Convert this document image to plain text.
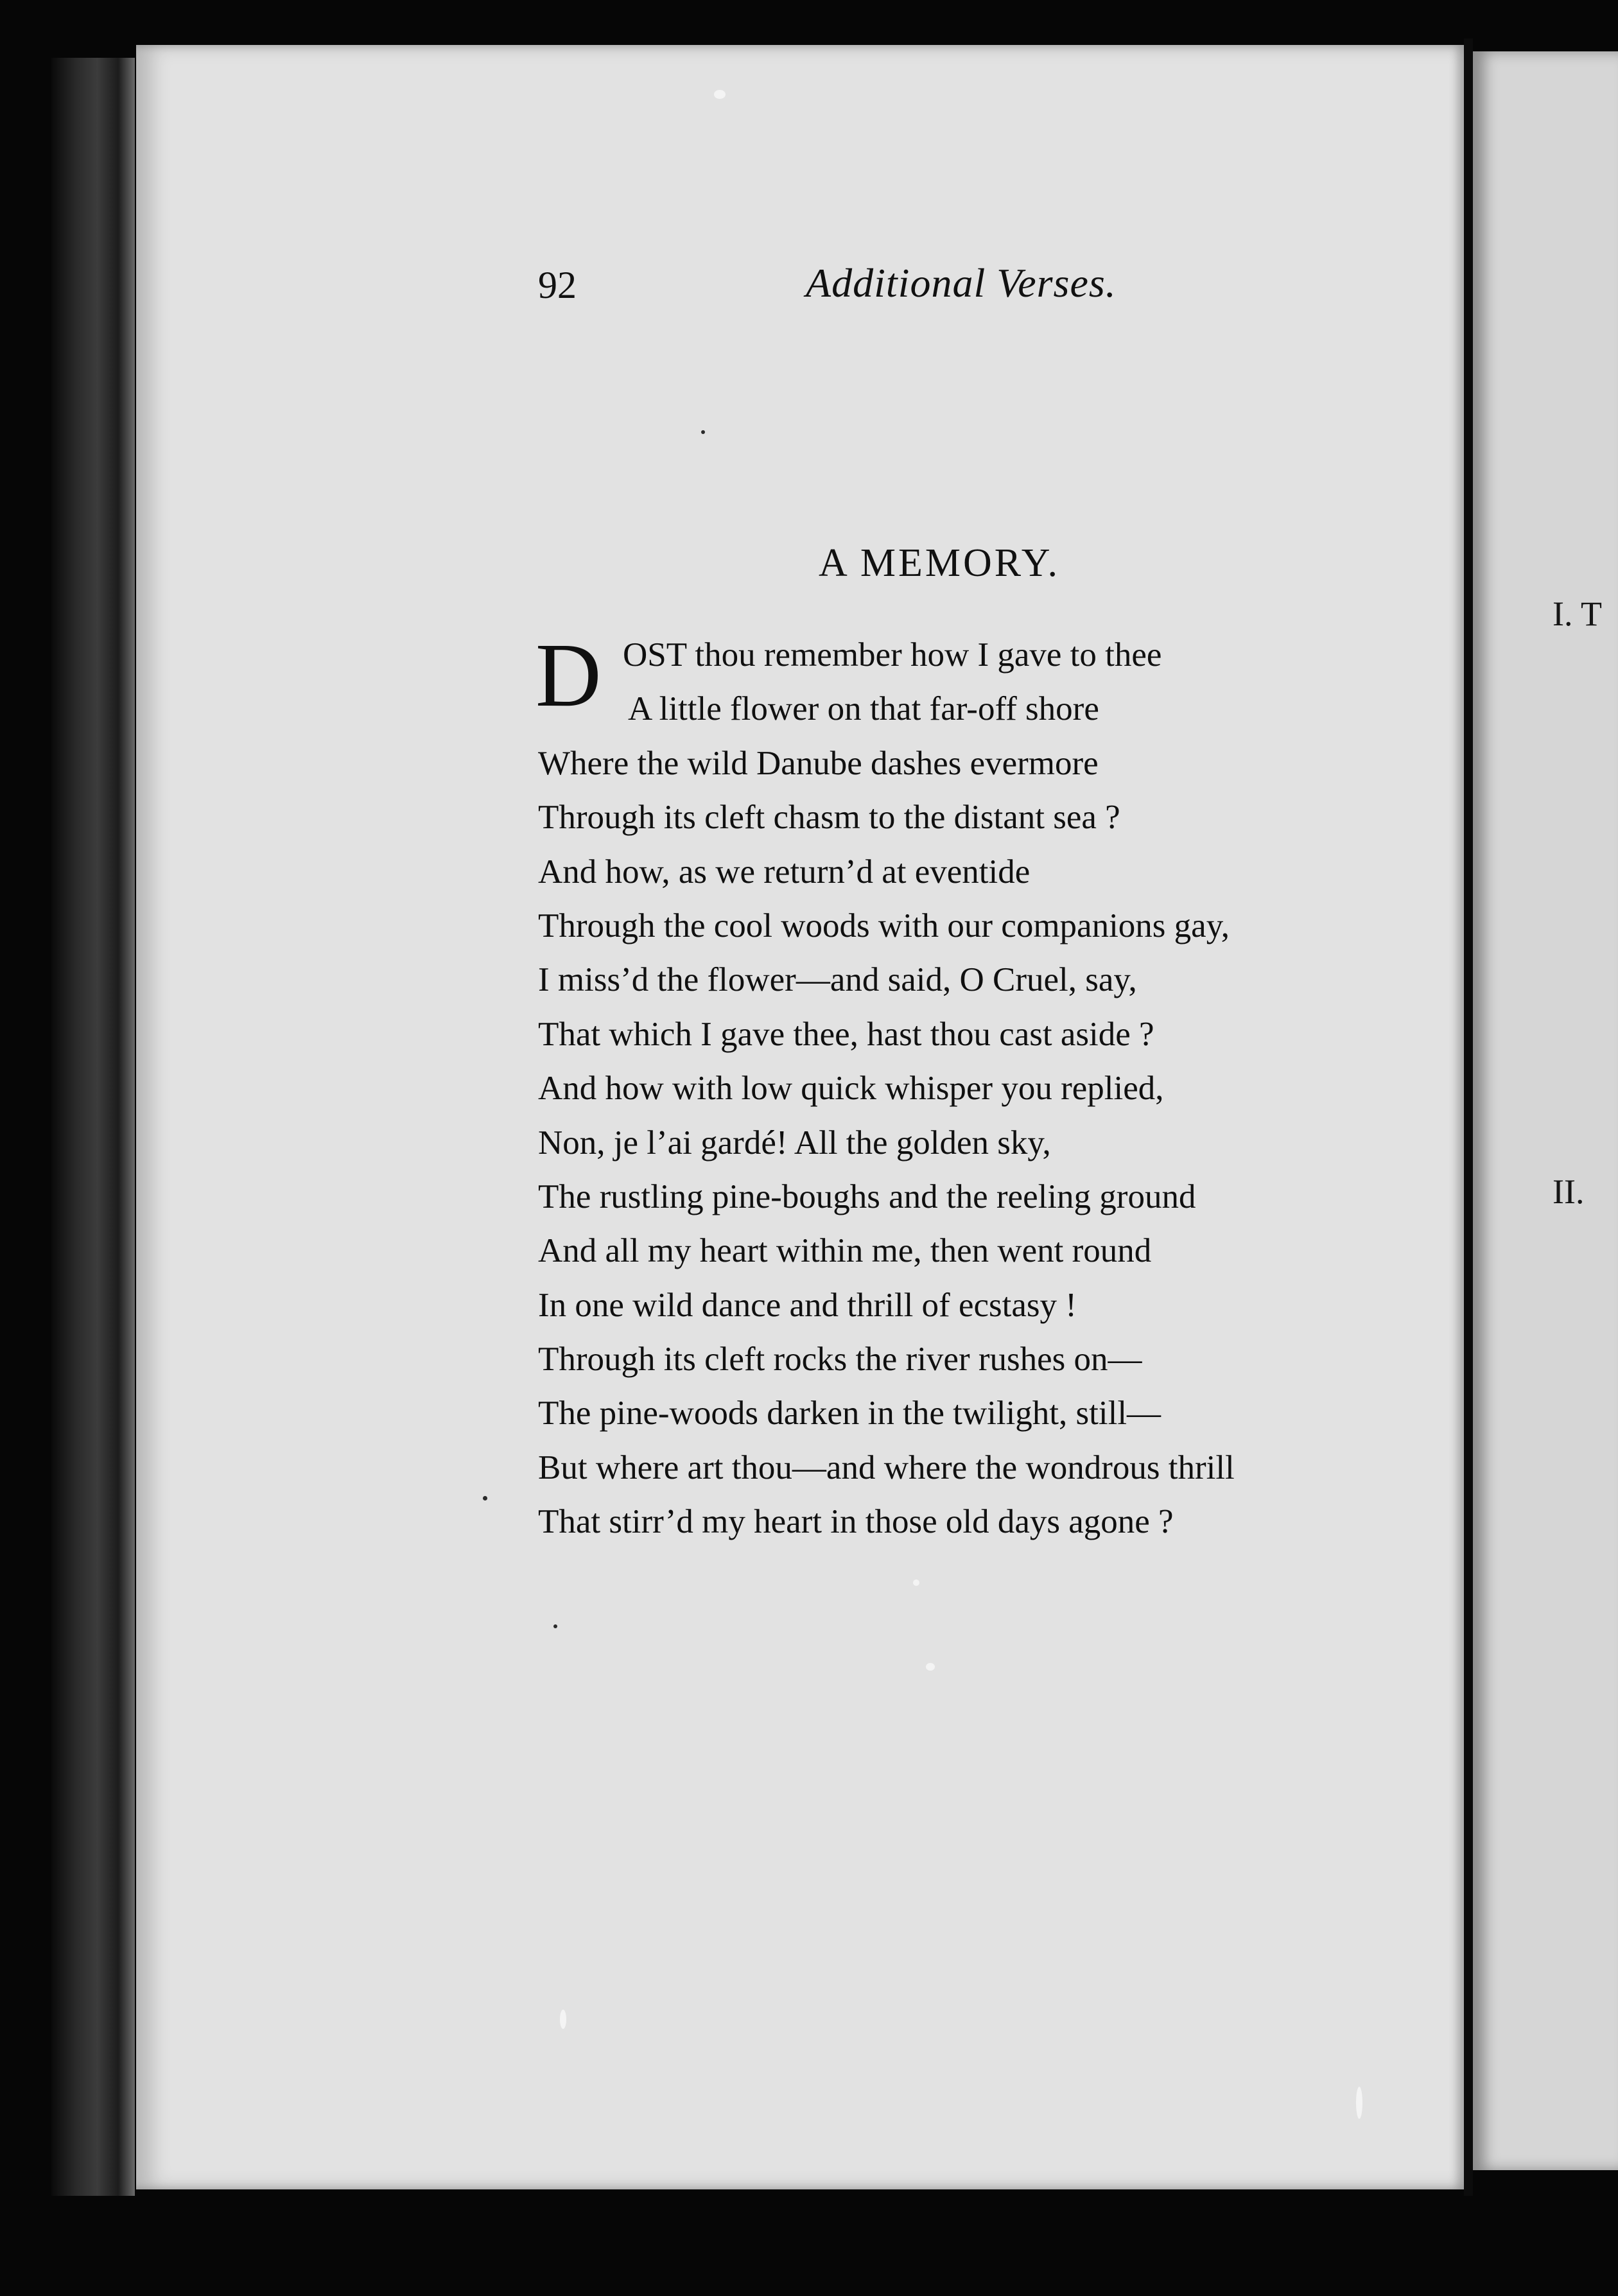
92	Additional Verses.
A MEMORY.
D OST thou remember how I gave to thee
A little flower on that far-off shore
Where the wild Danube dashes evermore
Through its cleft chasm to the distant sea ?
And how, as we return’d at eventide
Through the cool woods with our companions gay,
I miss’d the flower—and said, O Cruel, say,
That which I gave thee, hast thou cast aside ?
And how with low quick whisper you replied,
Non, je l’ai gardé! All the golden sky,
The rustling pine-boughs and the reeling ground
And all my heart within me, then went round
In one wild dance and thrill of ecstasy !
Through its cleft rocks the river rushes on—
The pine-woods darken in the twilight, still—
But where art thou—and where the wondrous thrill
That stirr’d my heart in those old days agone ?
I. T
II.
